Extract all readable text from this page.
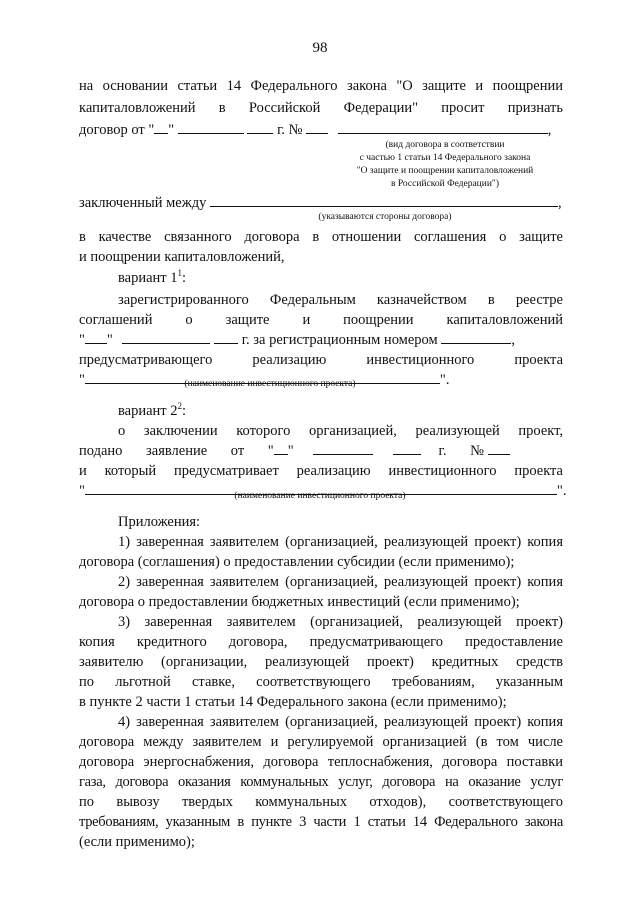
98
на основании статьи 14 Федерального закона "О защите и поощрении
капиталовложений в Российской Федерации" просит признать
договор от " "	г. №	,
(вид договора в соответствии
с частью 1 статьи 14 Федерального закона
"О защите и поощрении капиталовложений
в Российской Федерации")
заключенный между	,
(указываются стороны договора)
в качестве связанного договора в отношении соглашения о защите
и поощрении капиталовложений,
вариант $1^1$:
зарегистрированного Федеральным казначейством в реестре
соглашений о защите и поощрении капиталовложений
" "	г. за регистрационным номером	,
предусматривающего реализацию инвестиционного проекта
"	".
(наименование инвестиционного проекта)
вариант $2^2$:
о заключении которого организацией, реализующей проект,
подано заявление от " "	г. №
и который предусматривает реализацию инвестиционного проекта
"	".
(наименование инвестиционного проекта)
Приложения:
1) заверенная заявителем (организацией, реализующей проект) копия
договора (соглашения) о предоставлении субсидии (если применимо);
2) заверенная заявителем (организацией, реализующей проект) копия
договора о предоставлении бюджетных инвестиций (если применимо);
3) заверенная заявителем (организацией, реализующей проект)
копия кредитного договора, предусматривающего предоставление
заявителю (организации, реализующей проект) кредитных средств
по льготной ставке, соответствующего требованиям, указанным
в пункте 2 части 1 статьи 14 Федерального закона (если применимо);
4) заверенная заявителем (организацией, реализующей проект) копия
договора между заявителем и регулируемой организацией (в том числе
договора энергоснабжения, договора теплоснабжения, договора поставки
газа, договора оказания коммунальных услуг, договора на оказание услуг
по вывозу твердых коммунальных отходов), соответствующего
требованиям, указанным в пункте 3 части 1 статьи 14 Федерального закона
(если применимо);
